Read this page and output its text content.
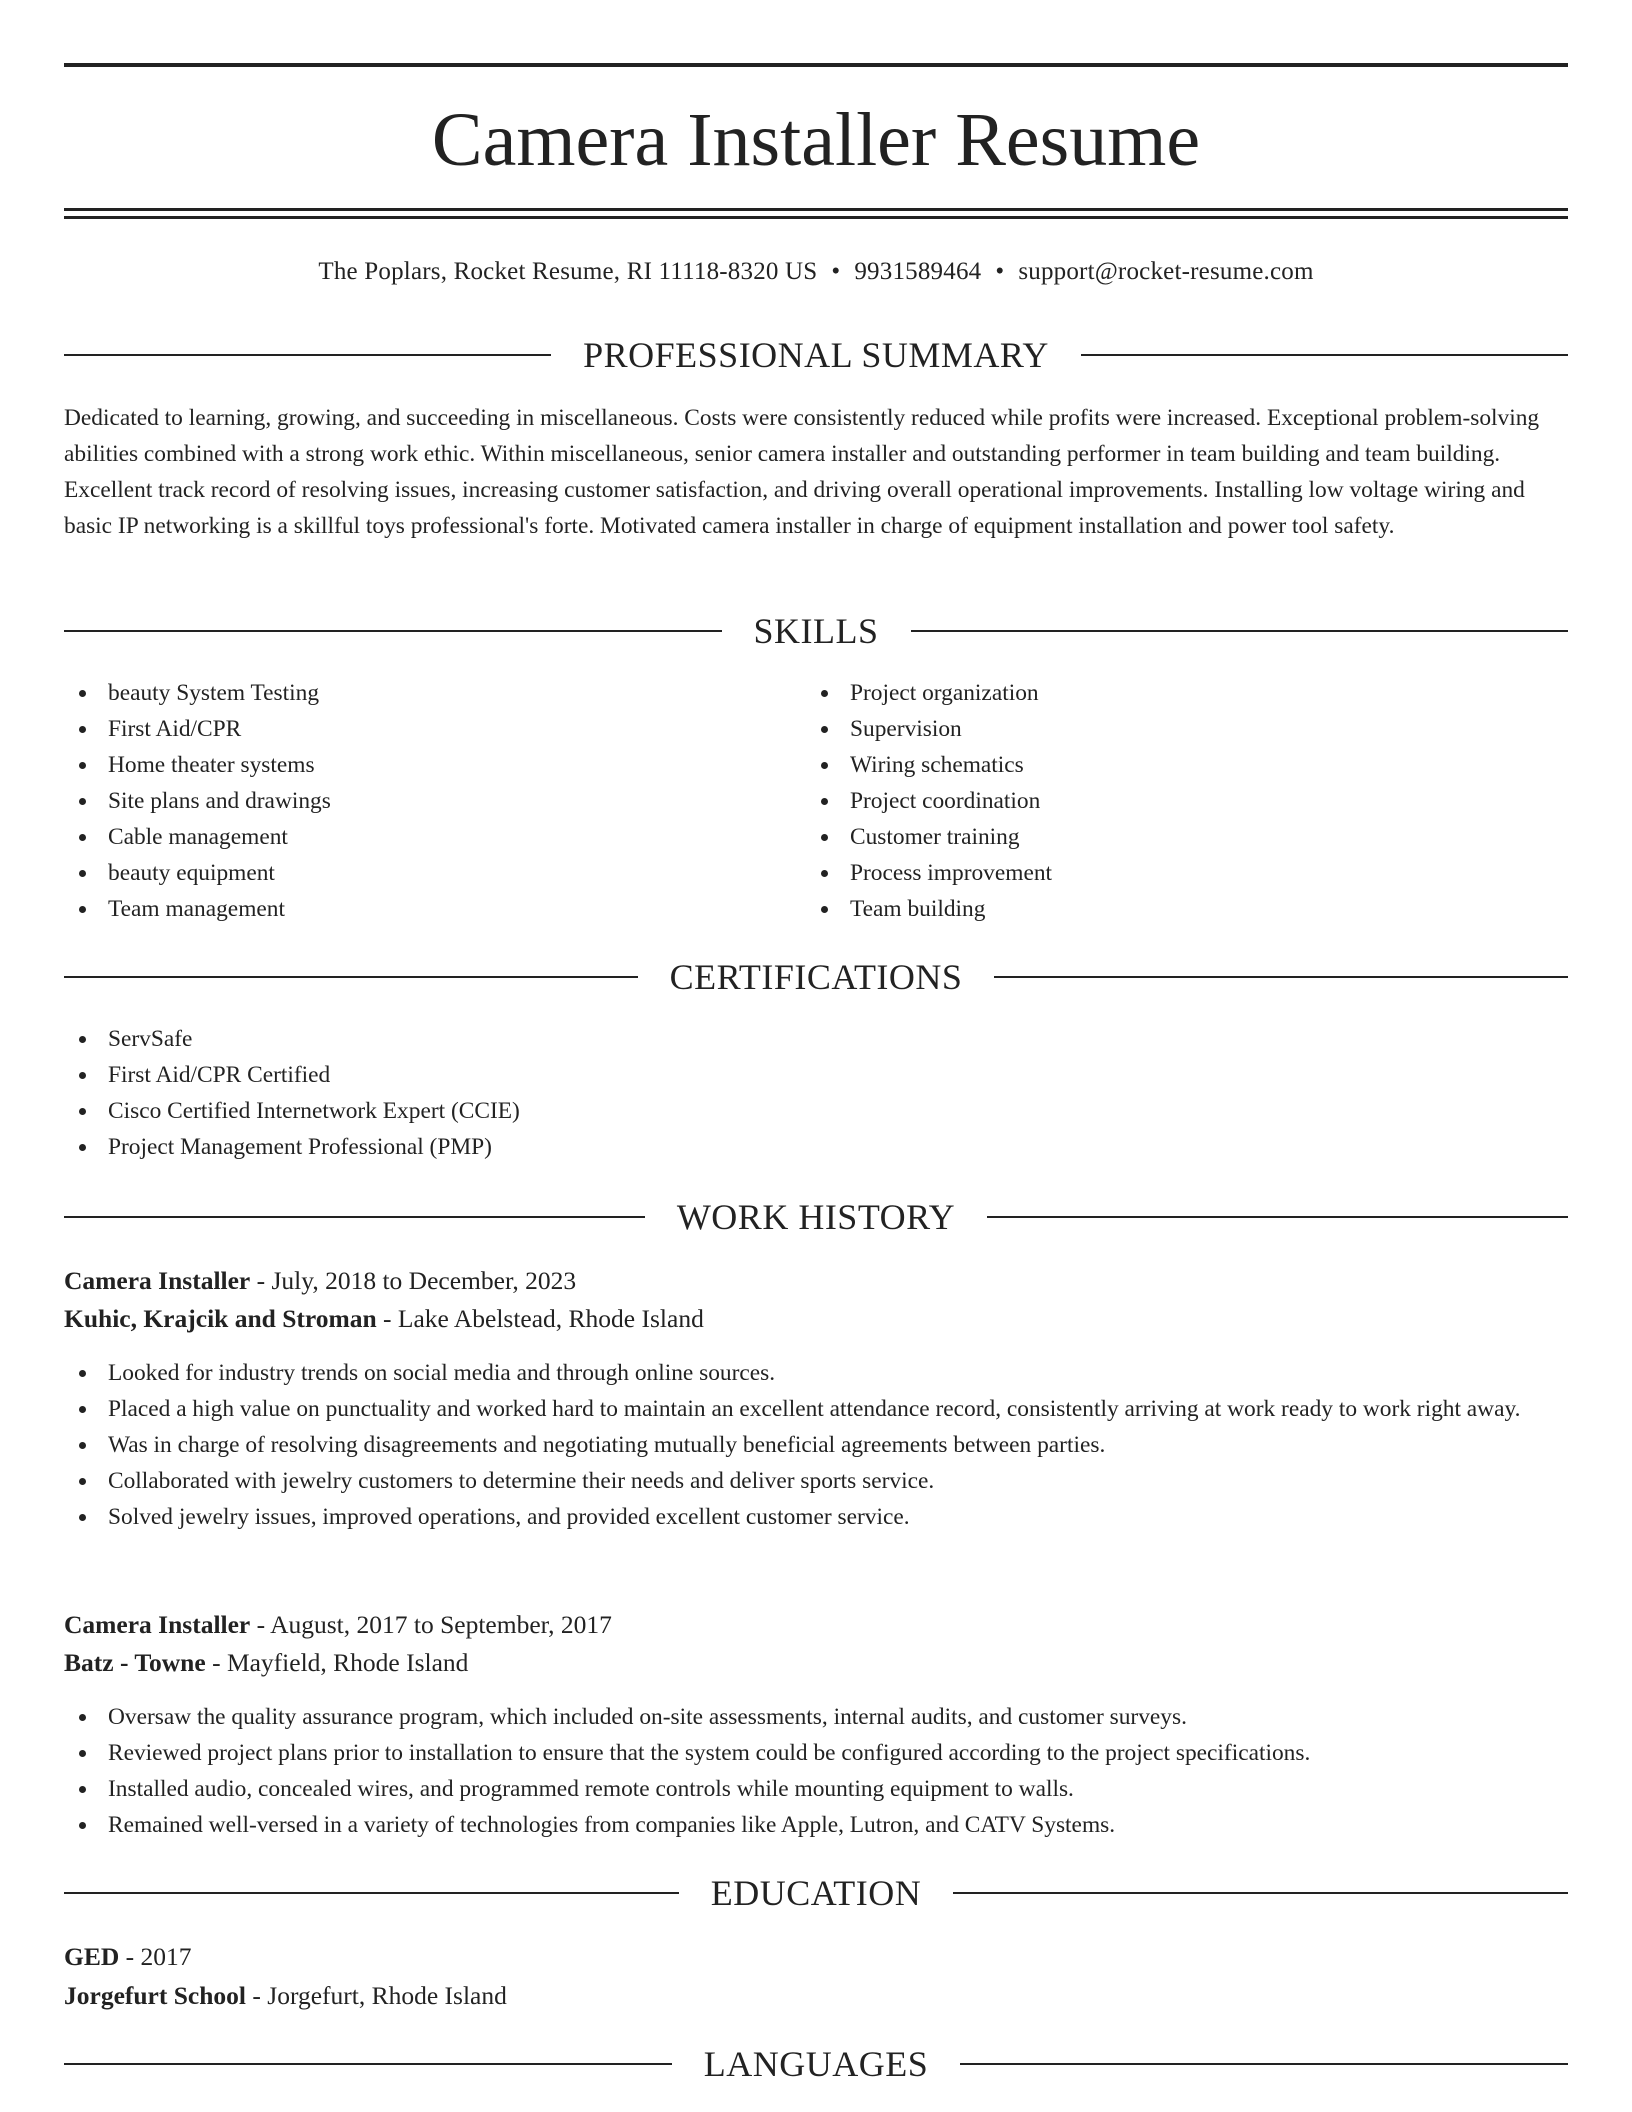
Camera Installer Resume
The Poplars, Rocket Resume, RI 11118-8320 US • 9931589464 • support@rocket-resume.com
PROFESSIONAL SUMMARY

Dedicated to learning, growing, and succeeding in miscellaneous. Costs were consistently reduced while profits were increased. Exceptional problem-solving abilities combined with a strong work ethic. Within miscellaneous, senior camera installer and outstanding performer in team building and team building. Excellent track record of resolving issues, increasing customer satisfaction, and driving overall operational improvements. Installing low voltage wiring and basic IP networking is a skillful toys professional's forte. Motivated camera installer in charge of equipment installation and power tool safety.

SKILLS
beauty System Testing
First Aid/CPR
Home theater systems
Site plans and drawings
Cable management
beauty equipment
Team management
Project organization
Supervision
Wiring schematics
Project coordination
Customer training
Process improvement
Team building
CERTIFICATIONS
ServSafe
First Aid/CPR Certified
Cisco Certified Internetwork Expert (CCIE)
Project Management Professional (PMP)
WORK HISTORY
Camera Installer - July, 2018 to December, 2023
Kuhic, Krajcik and Stroman - Lake Abelstead, Rhode Island
Looked for industry trends on social media and through online sources.
Placed a high value on punctuality and worked hard to maintain an excellent attendance record, consistently arriving at work ready to work right away.
Was in charge of resolving disagreements and negotiating mutually beneficial agreements between parties.
Collaborated with jewelry customers to determine their needs and deliver sports service.
Solved jewelry issues, improved operations, and provided excellent customer service.
Camera Installer - August, 2017 to September, 2017
Batz - Towne - Mayfield, Rhode Island
Oversaw the quality assurance program, which included on-site assessments, internal audits, and customer surveys.
Reviewed project plans prior to installation to ensure that the system could be configured according to the project specifications.
Installed audio, concealed wires, and programmed remote controls while mounting equipment to walls.
Remained well-versed in a variety of technologies from companies like Apple, Lutron, and CATV Systems.
EDUCATION
GED - 2017
Jorgefurt School - Jorgefurt, Rhode Island
LANGUAGES
